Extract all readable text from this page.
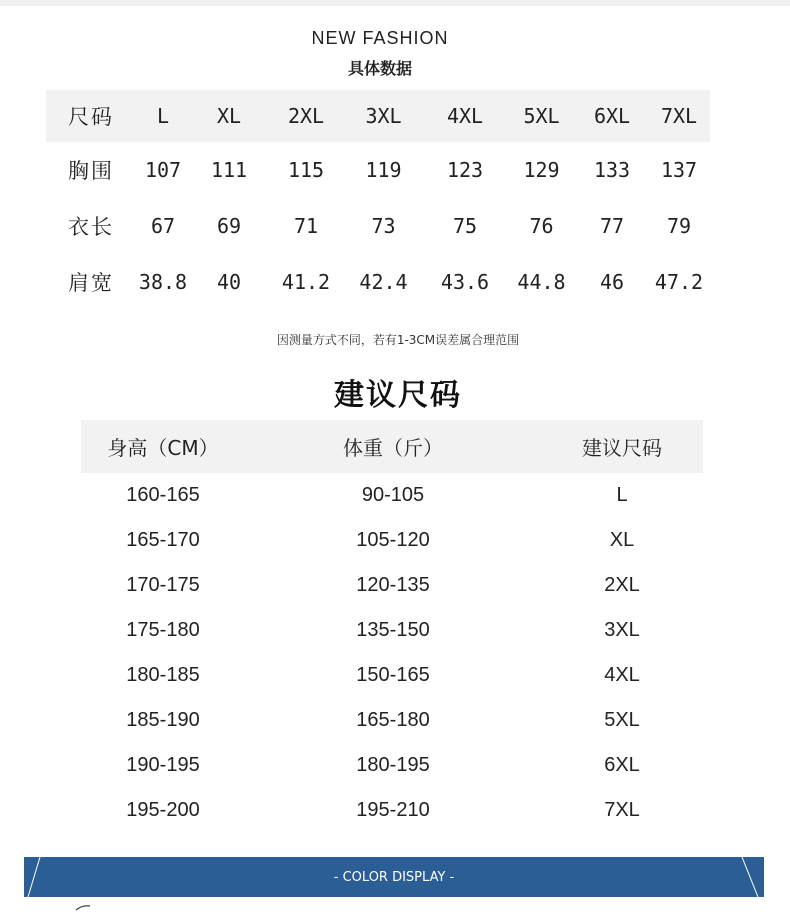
NEW FASHION
具体数据
尺码	L	XL	2XL	3XL	4XL	5XL	6XL	7XL
胸围	107	111	115	119	123	129	133	137
衣长	67	69	71	73	75	76	77	79
肩宽	38.8	40	41.2	42.4	43.6	44.8	46	47.2
因测量方式不同，若有1-3CM误差属合理范围
建议尺码
身高（CM）	体重（斤）	建议尺码
160-165	90-105	L
165-170	105-120	XL
170-175	120-135	2XL
175-180	135-150	3XL
180-185	150-165	4XL
185-190	165-180	5XL
190-195	180-195	6XL
195-200	195-210	7XL
- COLOR DISPLAY -
